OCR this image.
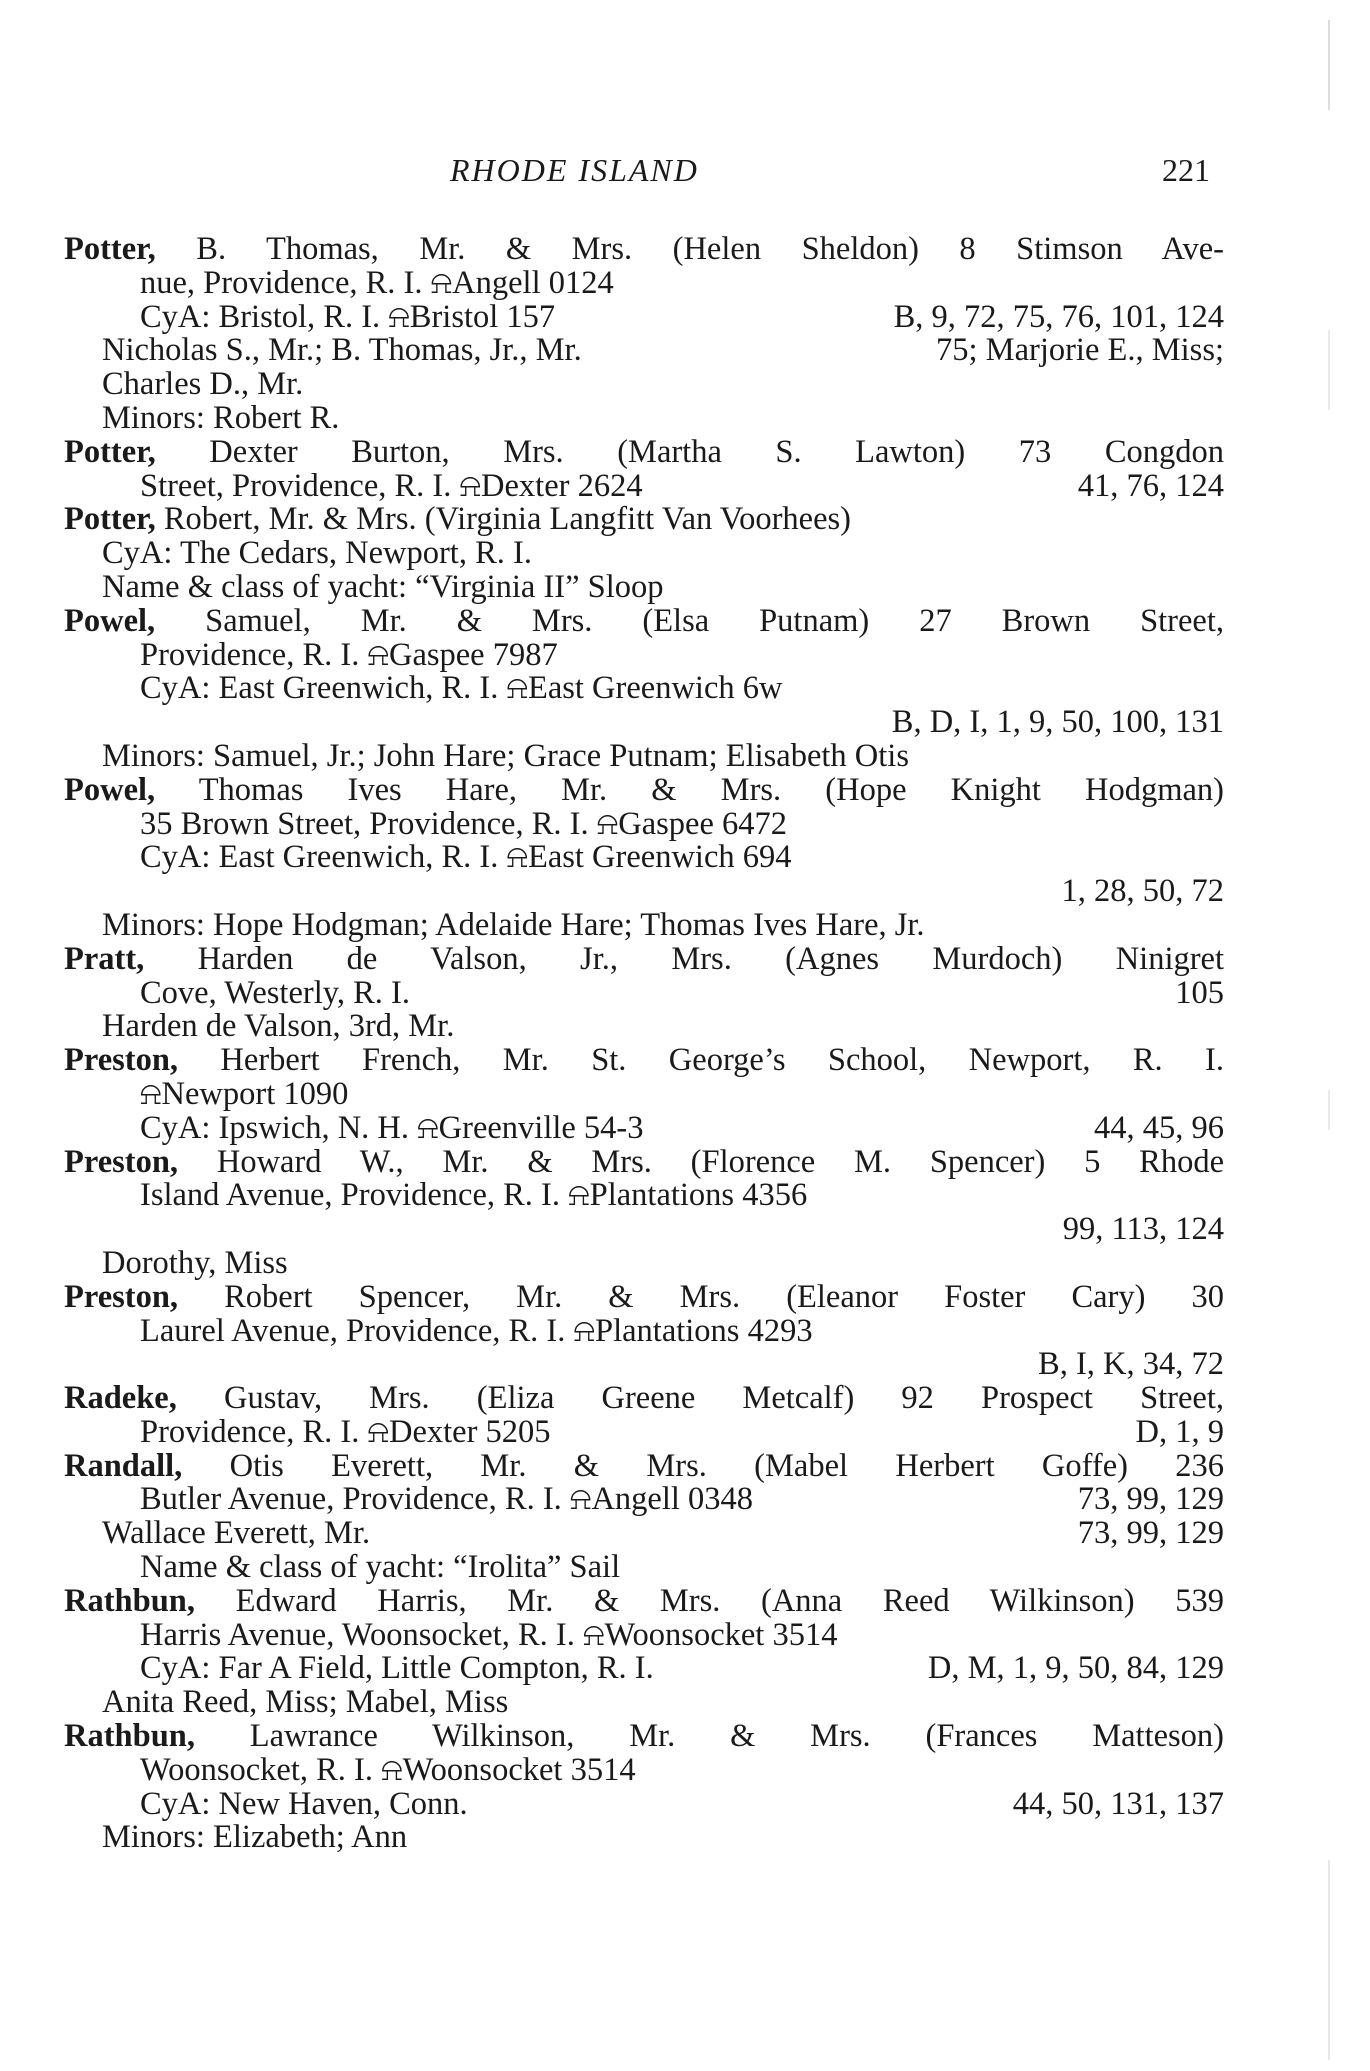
RHODE ISLAND	221
Potter, B. Thomas, Mr. & Mrs. (Helen Sheldon) 8 Stimson Ave-
nue, Providence, R. I. ⍾Angell 0124
CyA: Bristol, R. I. ⍾Bristol 157	B, 9, 72, 75, 76, 101, 124
Nicholas S., Mr.; B. Thomas, Jr., Mr.	75; Marjorie E., Miss;
Charles D., Mr.
Minors: Robert R.
Potter, Dexter Burton, Mrs. (Martha S. Lawton) 73 Congdon
Street, Providence, R. I. ⍾Dexter 2624	41, 76, 124
Potter, Robert, Mr. & Mrs. (Virginia Langfitt Van Voorhees)
CyA: The Cedars, Newport, R. I.
Name & class of yacht: “Virginia II” Sloop
Powel, Samuel, Mr. & Mrs. (Elsa Putnam) 27 Brown Street,
Providence, R. I. ⍾Gaspee 7987
CyA: East Greenwich, R. I. ⍾East Greenwich 6w
B, D, I, 1, 9, 50, 100, 131
Minors: Samuel, Jr.; John Hare; Grace Putnam; Elisabeth Otis
Powel, Thomas Ives Hare, Mr. & Mrs. (Hope Knight Hodgman)
35 Brown Street, Providence, R. I. ⍾Gaspee 6472
CyA: East Greenwich, R. I. ⍾East Greenwich 694
1, 28, 50, 72
Minors: Hope Hodgman; Adelaide Hare; Thomas Ives Hare, Jr.
Pratt, Harden de Valson, Jr., Mrs. (Agnes Murdoch) Ninigret
Cove, Westerly, R. I.	105
Harden de Valson, 3rd, Mr.
Preston, Herbert French, Mr. St. George’s School, Newport, R. I.
⍾Newport 1090
CyA: Ipswich, N. H. ⍾Greenville 54-3	44, 45, 96
Preston, Howard W., Mr. & Mrs. (Florence M. Spencer) 5 Rhode
Island Avenue, Providence, R. I. ⍾Plantations 4356
99, 113, 124
Dorothy, Miss
Preston, Robert Spencer, Mr. & Mrs. (Eleanor Foster Cary) 30
Laurel Avenue, Providence, R. I. ⍾Plantations 4293
B, I, K, 34, 72
Radeke, Gustav, Mrs. (Eliza Greene Metcalf) 92 Prospect Street,
Providence, R. I. ⍾Dexter 5205	D, 1, 9
Randall, Otis Everett, Mr. & Mrs. (Mabel Herbert Goffe) 236
Butler Avenue, Providence, R. I. ⍾Angell 0348	73, 99, 129
Wallace Everett, Mr.	73, 99, 129
Name & class of yacht: “Irolita” Sail
Rathbun, Edward Harris, Mr. & Mrs. (Anna Reed Wilkinson) 539
Harris Avenue, Woonsocket, R. I. ⍾Woonsocket 3514
CyA: Far A Field, Little Compton, R. I.	D, M, 1, 9, 50, 84, 129
Anita Reed, Miss; Mabel, Miss
Rathbun, Lawrance Wilkinson, Mr. & Mrs. (Frances Matteson)
Woonsocket, R. I. ⍾Woonsocket 3514
CyA: New Haven, Conn.	44, 50, 131, 137
Minors: Elizabeth; Ann
